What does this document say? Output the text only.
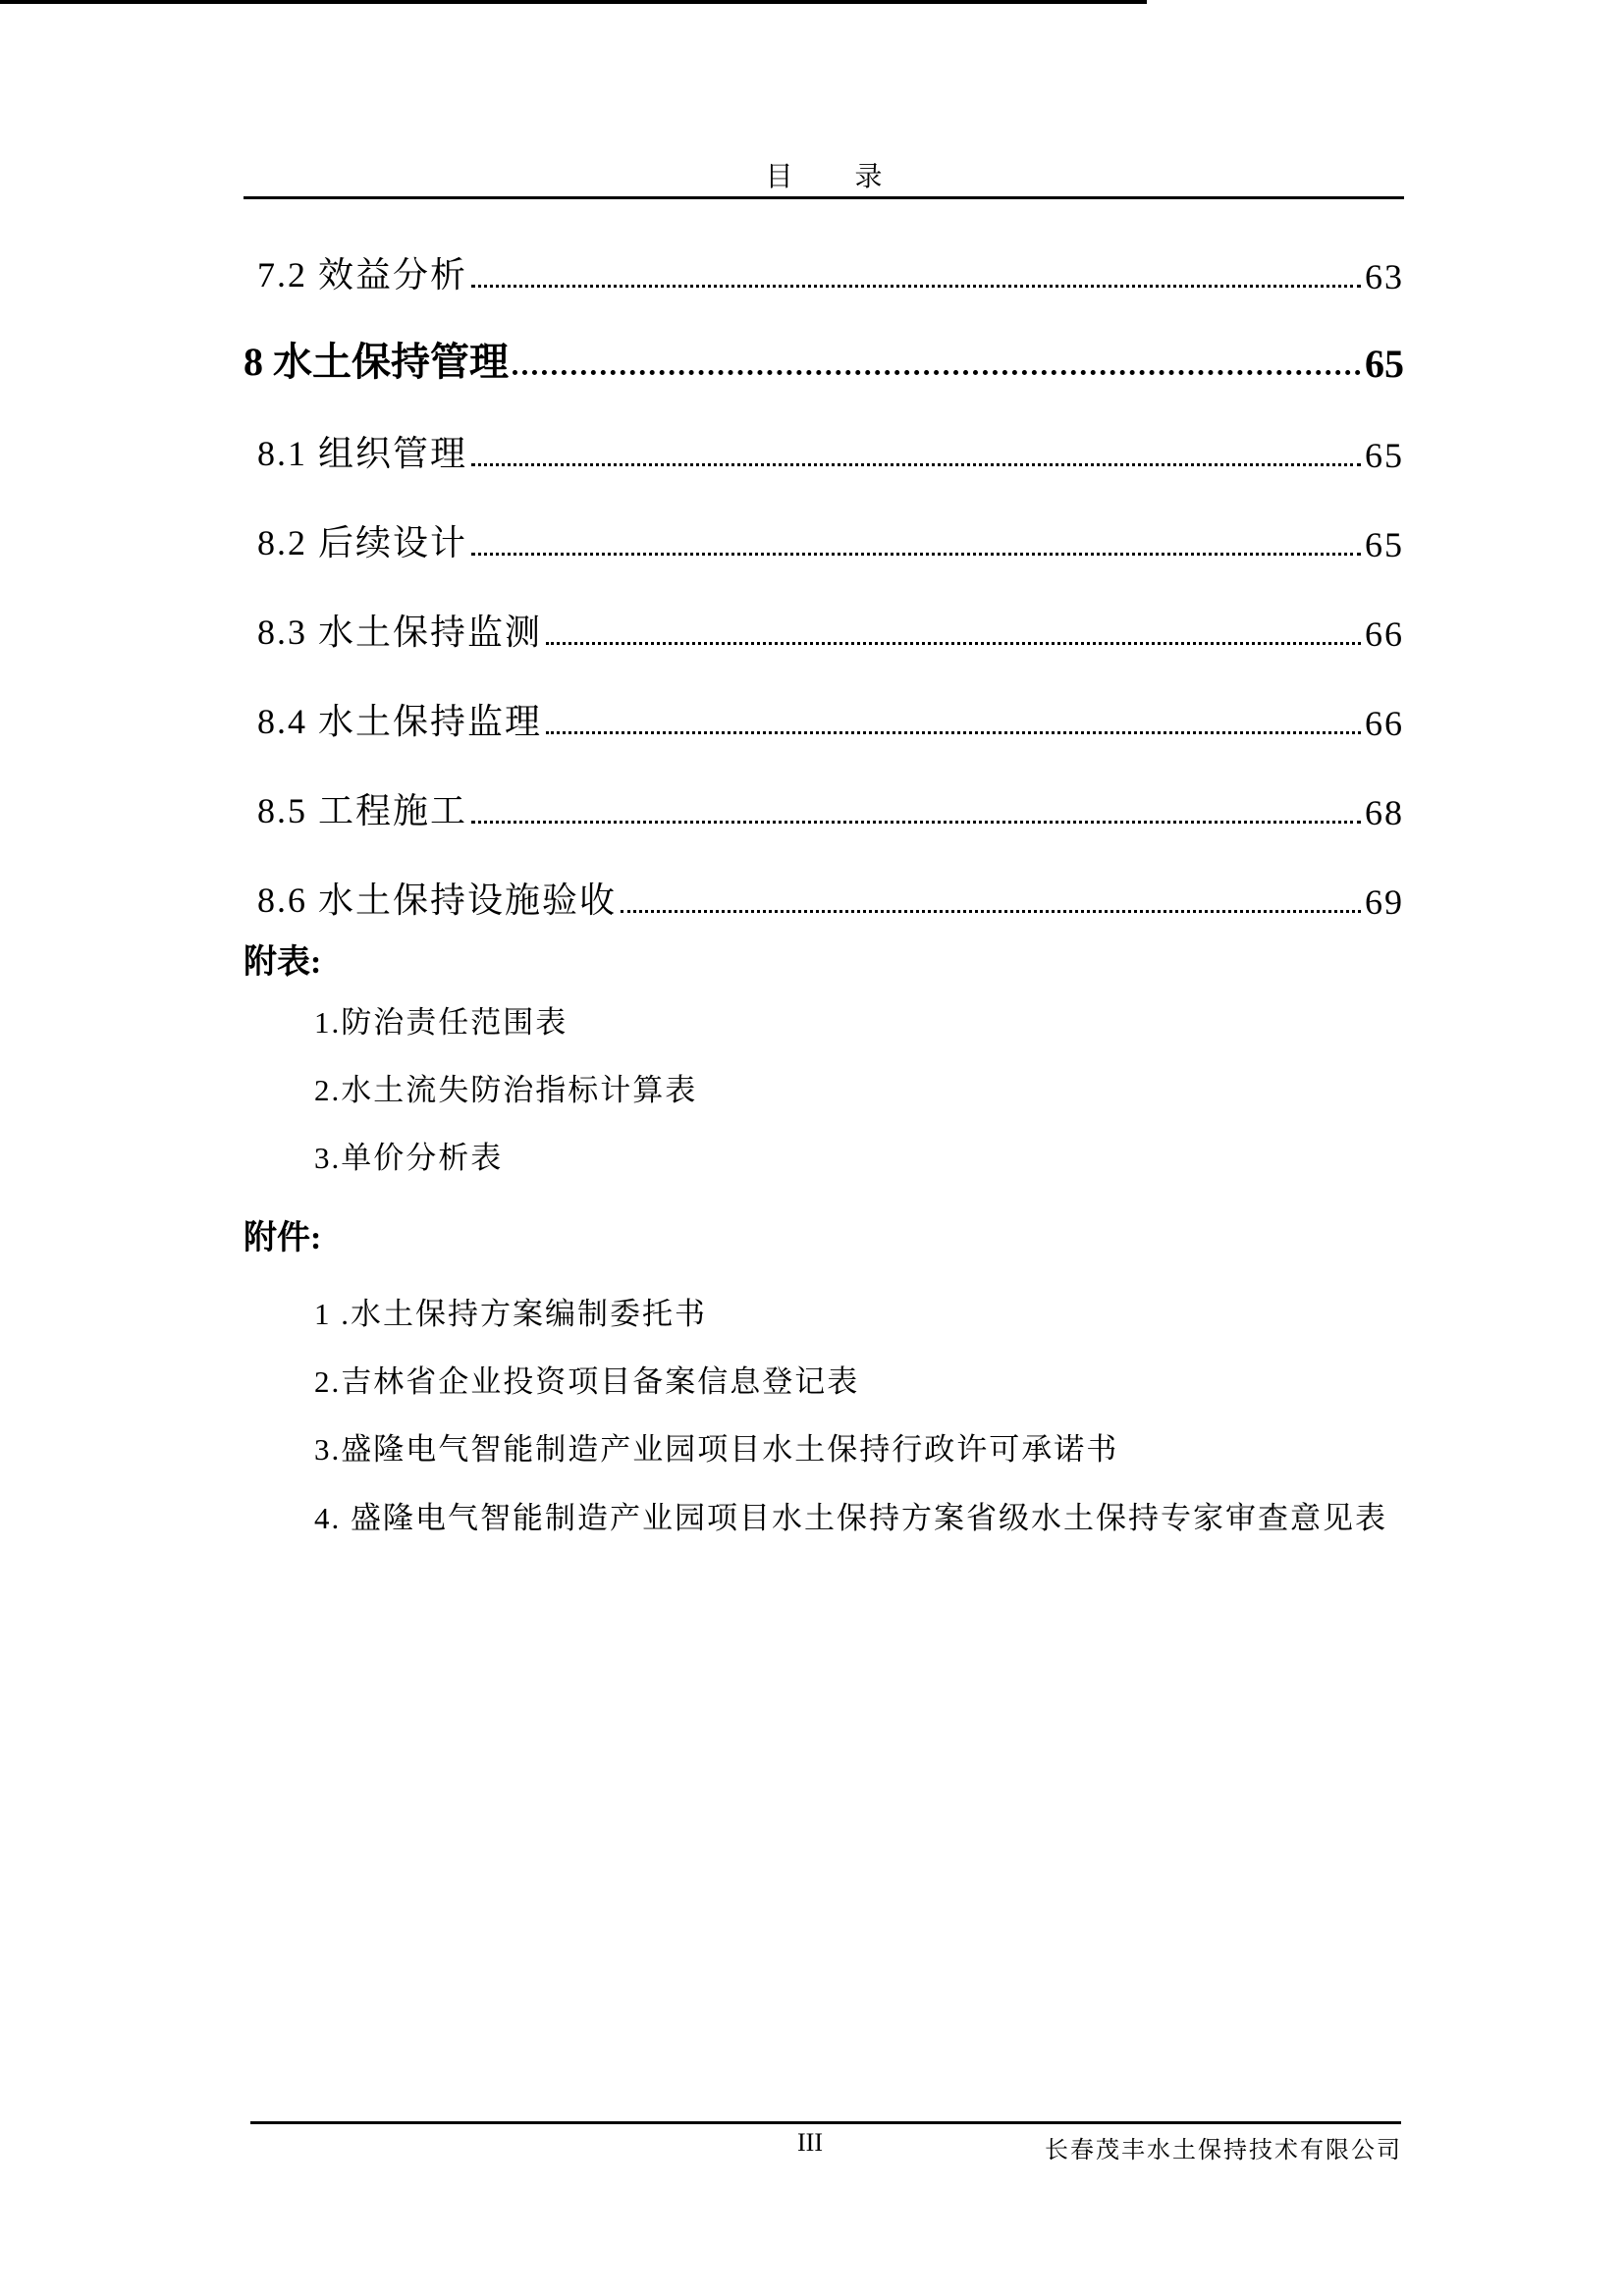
目 录
7.2 效益分析	63
8 水土保持管理	65
8.1 组织管理	65
8.2 后续设计	65
8.3 水土保持监测	66
8.4 水土保持监理	66
8.5 工程施工	68
8.6 水土保持设施验收	69
附表:
1.防治责任范围表
2.水土流失防治指标计算表
3.单价分析表
附件:
1 .水土保持方案编制委托书
2.吉林省企业投资项目备案信息登记表
3.盛隆电气智能制造产业园项目水土保持行政许可承诺书
4. 盛隆电气智能制造产业园项目水土保持方案省级水土保持专家审查意见表
III	长春茂丰水土保持技术有限公司
